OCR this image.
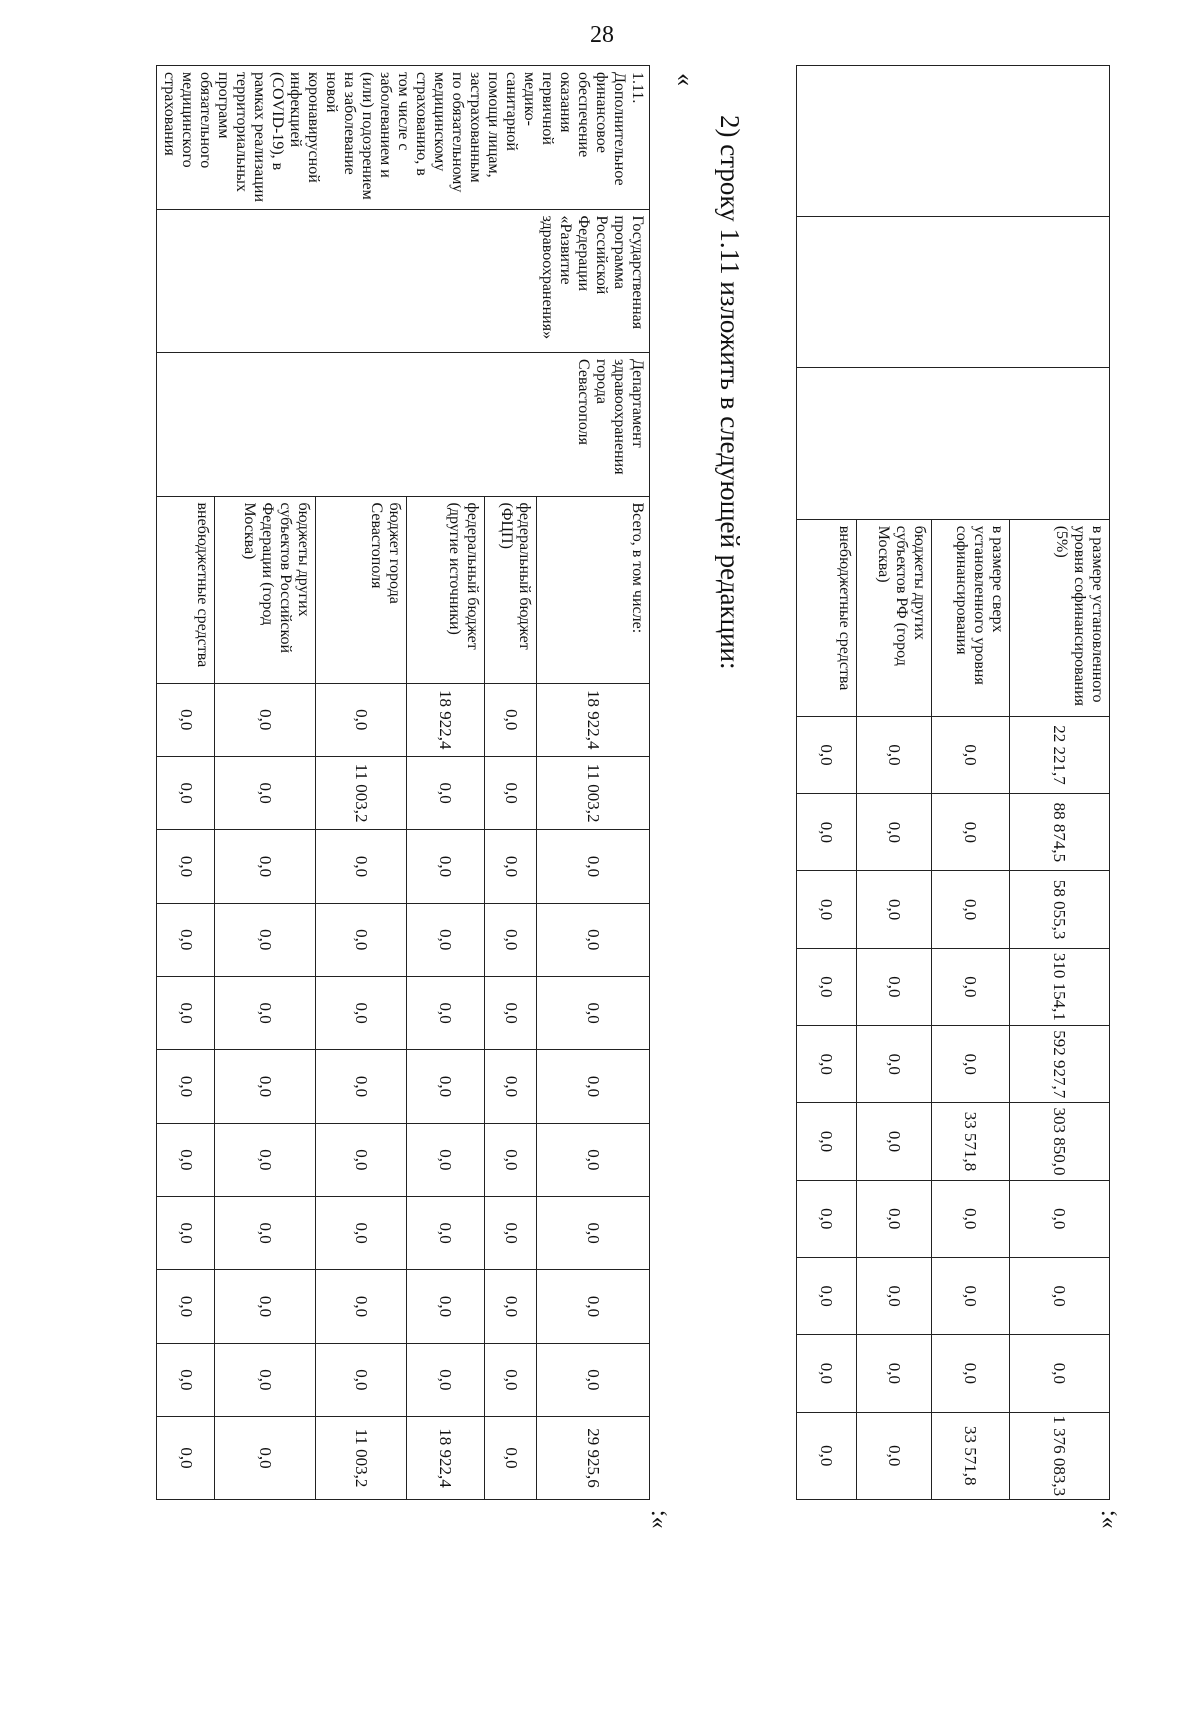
28
			в размере установленного уровня софинансирования (5%)	22 221,7	88 874,5	58 055,3	310 154,1	592 927,7	303 850,0	0,0	0,0	0,0	1 376 083,3
			в размере сверх установленного уровня софинансирования	0,0	0,0	0,0	0,0	0,0	33 571,8	0,0	0,0	0,0	33 571,8
			бюджеты других субъектов РФ (город Москва)	0,0	0,0	0,0	0,0	0,0	0,0	0,0	0,0	0,0	0,0
			внебюджетные средства	0,0	0,0	0,0	0,0	0,0	0,0	0,0	0,0	0,0	0,0
»;
2) строку 1.11 изложить в следующей редакции:
«
1.11. Дополнительное финансовое обеспечение оказания первичной медико-санитарной помощи лицам, застрахованным по обязательному медицинскому страхованию, в том числе с заболеванием и (или) подозрением на заболевание новой коронавирусной инфекцией (COVID-19), в рамках реализации территориальных программ обязательного медицинского страхования	Государственная программа Российской Федерации «Развитие здравоохранения»	Департамент здравоохранения города Севастополя	Всего, в том числе:	18 922,4	11 003,2	0,0	0,0	0,0	0,0	0,0	0,0	0,0	0,0	29 925,6
			федеральный бюджет (ФЦП)	0,0	0,0	0,0	0,0	0,0	0,0	0,0	0,0	0,0	0,0	0,0
			федеральный бюджет (другие источники)	18 922,4	0,0	0,0	0,0	0,0	0,0	0,0	0,0	0,0	0,0	18 922,4
			бюджет города Севастополя	0,0	11 003,2	0,0	0,0	0,0	0,0	0,0	0,0	0,0	0,0	11 003,2
			бюджеты других субъектов Российской Федерации (город Москва)	0,0	0,0	0,0	0,0	0,0	0,0	0,0	0,0	0,0	0,0	0,0
			внебюджетные средства	0,0	0,0	0,0	0,0	0,0	0,0	0,0	0,0	0,0	0,0	0,0
»;
